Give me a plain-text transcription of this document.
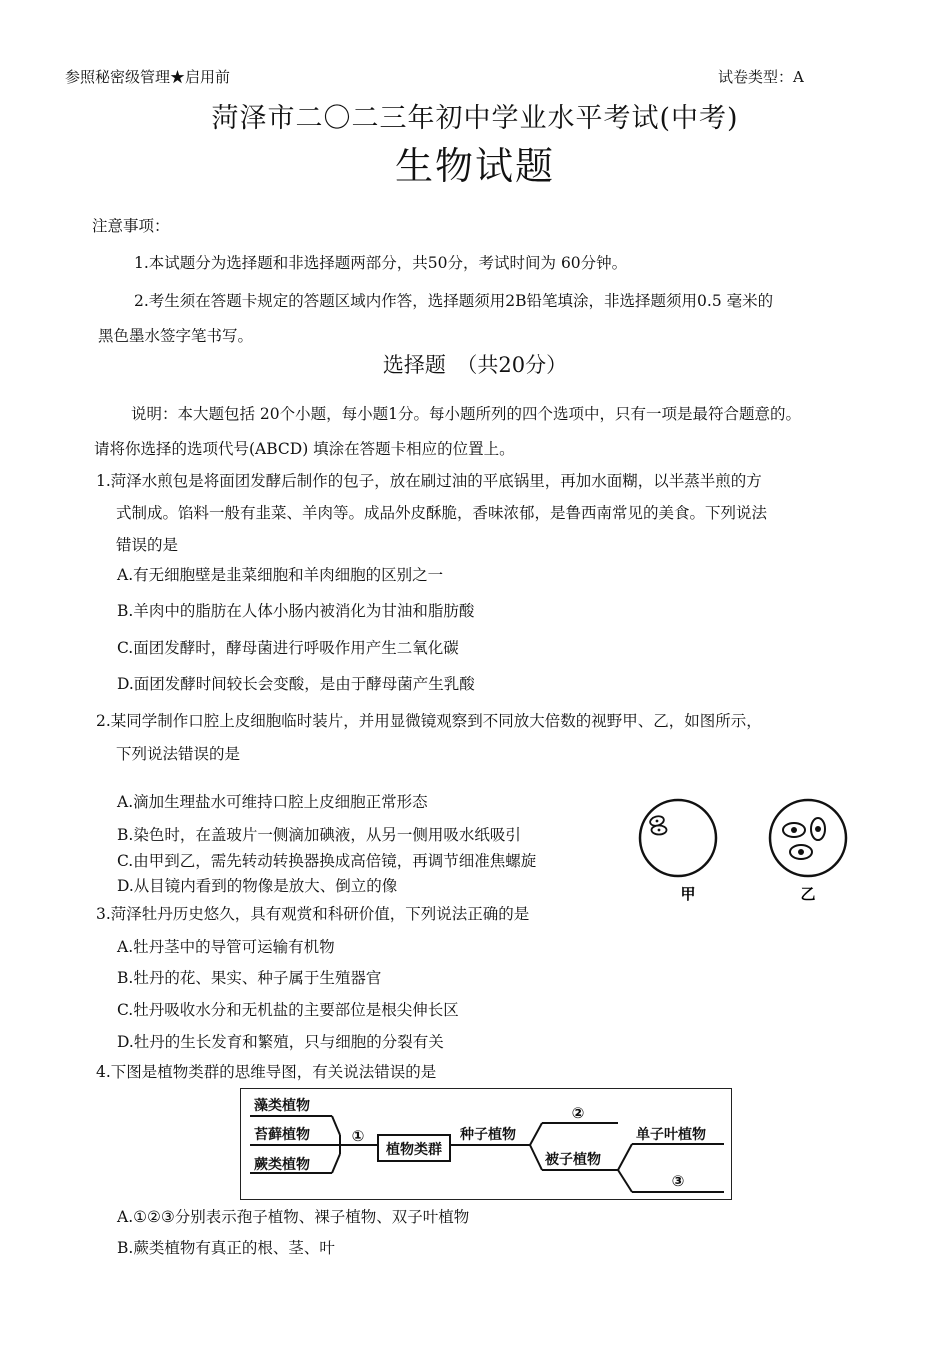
参照秘密级管理★启用前	试卷类型：A
菏泽市二〇二三年初中学业水平考试(中考)
生物试题
注意事项：
1.本试题分为选择题和非选择题两部分，共50分，考试时间为 60分钟。
2.考生须在答题卡规定的答题区域内作答，选择题须用2B铅笔填涂，非选择题须用0.5 毫米的
黑色墨水签字笔书写。
选择题　（共20分）
说明：本大题包括 20个小题，每小题1分。每小题所列的四个选项中，只有一项是最符合题意的。
请将你选择的选项代号(ABCD) 填涂在答题卡相应的位置上。
1.菏泽水煎包是将面团发酵后制作的包子，放在刷过油的平底锅里，再加水面糊，以半蒸半煎的方
式制成。馅料一般有韭菜、羊肉等。成品外皮酥脆，香味浓郁，是鲁西南常见的美食。下列说法
错误的是
A.有无细胞壁是韭菜细胞和羊肉细胞的区别之一
B.羊肉中的脂肪在人体小肠内被消化为甘油和脂肪酸
C.面团发酵时，酵母菌进行呼吸作用产生二氧化碳
D.面团发酵时间较长会变酸，是由于酵母菌产生乳酸
2.某同学制作口腔上皮细胞临时装片，并用显微镜观察到不同放大倍数的视野甲、乙，如图所示，
下列说法错误的是
A.滴加生理盐水可维持口腔上皮细胞正常形态
B.染色时，在盖玻片一侧滴加碘液，从另一侧用吸水纸吸引
C.由甲到乙，需先转动转换器换成高倍镜，再调节细准焦螺旋
D.从目镜内看到的物像是放大、倒立的像	甲	乙
3.菏泽牡丹历史悠久，具有观赏和科研价值，下列说法正确的是
A.牡丹茎中的导管可运输有机物
B.牡丹的花、果实、种子属于生殖器官
C.牡丹吸收水分和无机盐的主要部位是根尖伸长区
D.牡丹的生长发育和繁殖，只与细胞的分裂有关
4.下图是植物类群的思维导图，有关说法错误的是
藻类植物
苔藓植物
蕨类植物
①
植物类群
种子植物
②
被子植物
单子叶植物
③
A.①②③分别表示孢子植物、裸子植物、双子叶植物
B.蕨类植物有真正的根、茎、叶
